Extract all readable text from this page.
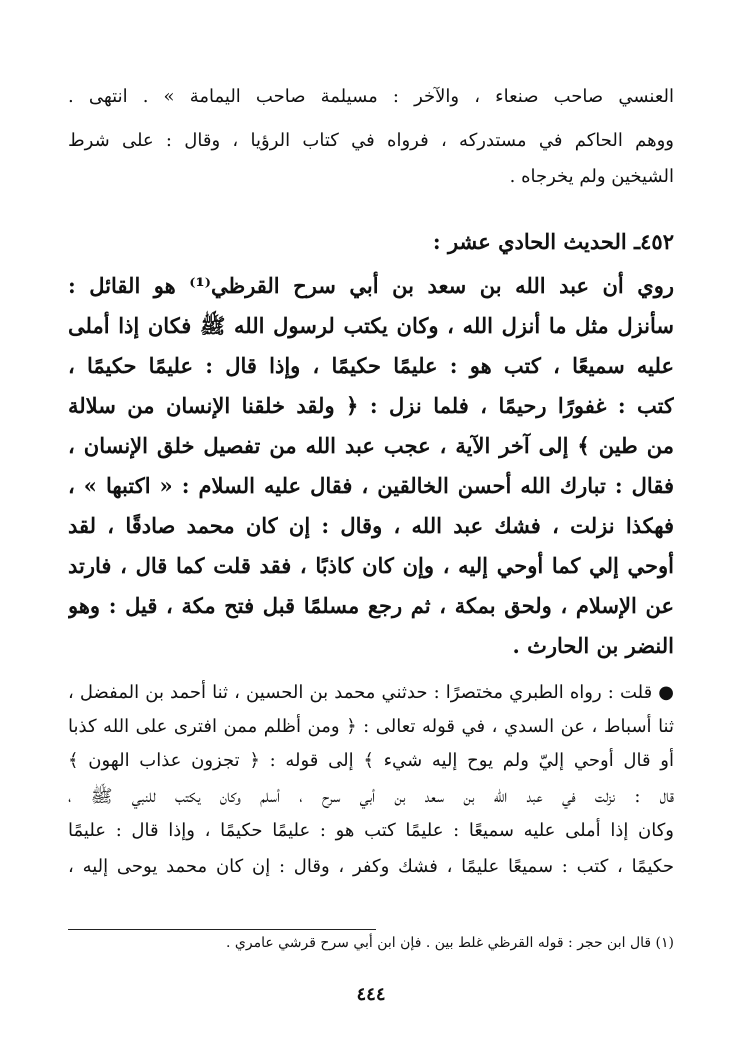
العنسي صاحب صنعاء ، والآخر : مسيلمة صاحب اليمامة » . انتهى .
ووهم الحاكم في مستدركه ، فرواه في كتاب الرؤيا ، وقال : على شرط
الشيخين ولم يخرجاه .
٤٥٢ـ الحديث الحادي عشر :
روي أن عبد الله بن سعد بن أبي سرح القرظي⁽¹⁾ هو القائل :
سأنزل مثل ما أنزل الله ، وكان يكتب لرسول الله ﷺ فكان إذا أملى
عليه سميعًا ، كتب هو : عليمًا حكيمًا ، وإذا قال : عليمًا حكيمًا ،
كتب : غفورًا رحيمًا ، فلما نزل : ﴿ ولقد خلقنا الإنسان من سلالة
من طين ﴾ إلى آخر الآية ، عجب عبد الله من تفصيل خلق الإنسان ،
فقال : تبارك الله أحسن الخالقين ، فقال عليه السلام : « اكتبها » ،
فهكذا نزلت ، فشك عبد الله ، وقال : إن كان محمد صادقًا ، لقد
أوحي إلي كما أوحي إليه ، وإن كان كاذبًا ، فقد قلت كما قال ، فارتد
عن الإسلام ، ولحق بمكة ، ثم رجع مسلمًا قبل فتح مكة ، قيل : وهو
النضر بن الحارث .
● قلت : رواه الطبري مختصرًا : حدثني محمد بن الحسين ، ثنا أحمد بن المفضل ،
ثنا أسباط ، عن السدي ، في قوله تعالى : ﴿ ومن أظلم ممن افترى على الله كذبا
أو قال أوحي إليّ ولم يوح إليه شيء ﴾ إلى قوله : ﴿ تجزون عذاب الهون ﴾
قال : نزلت في عبد الله بن سعد بن أبي سرح ، أسلم وكان يكتب للنبي ﷺ ،
وكان إذا أملى عليه سميعًا : عليمًا كتب هو : عليمًا حكيمًا ، وإذا قال : عليمًا
حكيمًا ، كتب : سميعًا عليمًا ، فشك وكفر ، وقال : إن كان محمد يوحى إليه ،
(١) قال ابن حجر : قوله القرظي غلط بين . فإن ابن أبي سرح قرشي عامري .
٤٤٤
